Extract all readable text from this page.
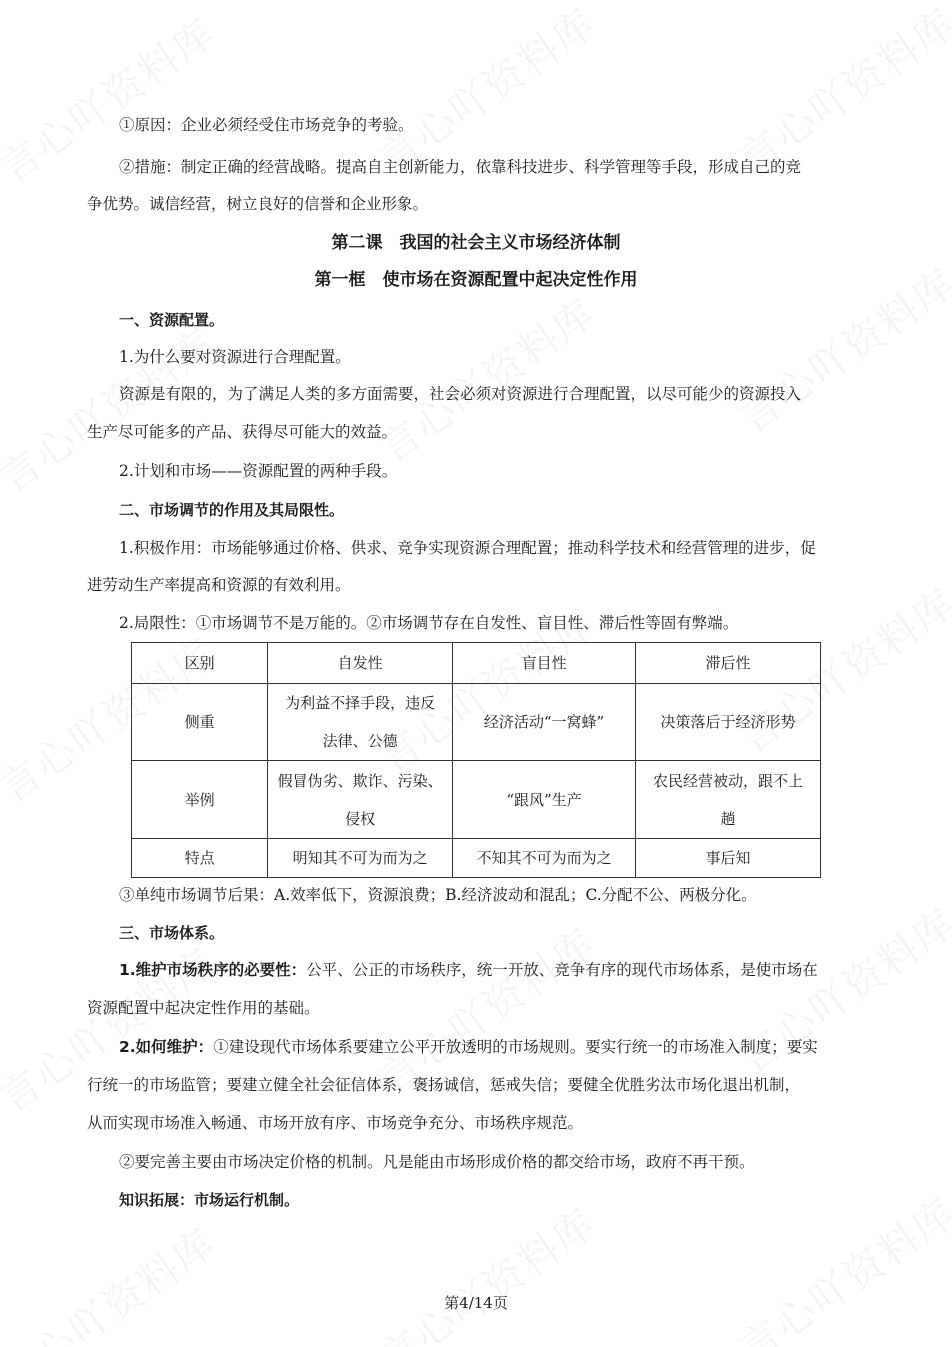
①原因：企业必须经受住市场竞争的考验。
②措施：制定正确的经营战略。提高自主创新能力，依靠科技进步、科学管理等手段，形成自己的竞
争优势。诚信经营，树立良好的信誉和企业形象。
第二课　我国的社会主义市场经济体制
第一框　使市场在资源配置中起决定性作用
一、资源配置。
1.为什么要对资源进行合理配置。
资源是有限的，为了满足人类的多方面需要，社会必须对资源进行合理配置，以尽可能少的资源投入
生产尽可能多的产品、获得尽可能大的效益。
2.计划和市场——资源配置的两种手段。
二、市场调节的作用及其局限性。
1.积极作用：市场能够通过价格、供求、竞争实现资源合理配置；推动科学技术和经营管理的进步，促
进劳动生产率提高和资源的有效利用。
2.局限性：①市场调节不是万能的。②市场调节存在自发性、盲目性、滞后性等固有弊端。
区别	自发性	盲目性	滞后性
侧重	为利益不择手段，违反
法律、公德	经济活动“一窝蜂”	决策落后于经济形势
举例	假冒伪劣、欺诈、污染、
侵权	“跟风”生产	农民经营被动，跟不上
趟
特点	明知其不可为而为之	不知其不可为而为之	事后知
③单纯市场调节后果：A.效率低下，资源浪费；B.经济波动和混乱；C.分配不公、两极分化。
三、市场体系。
1.维护市场秩序的必要性：公平、公正的市场秩序，统一开放、竞争有序的现代市场体系，是使市场在
资源配置中起决定性作用的基础。
2.如何维护：①建设现代市场体系要建立公平开放透明的市场规则。要实行统一的市场准入制度；要实
行统一的市场监管；要建立健全社会征信体系，褒扬诚信，惩戒失信；要健全优胜劣汰市场化退出机制，
从而实现市场准入畅通、市场开放有序、市场竞争充分、市场秩序规范。
②要完善主要由市场决定价格的机制。凡是能由市场形成价格的都交给市场，政府不再干预。
知识拓展：市场运行机制。
第4/14页
